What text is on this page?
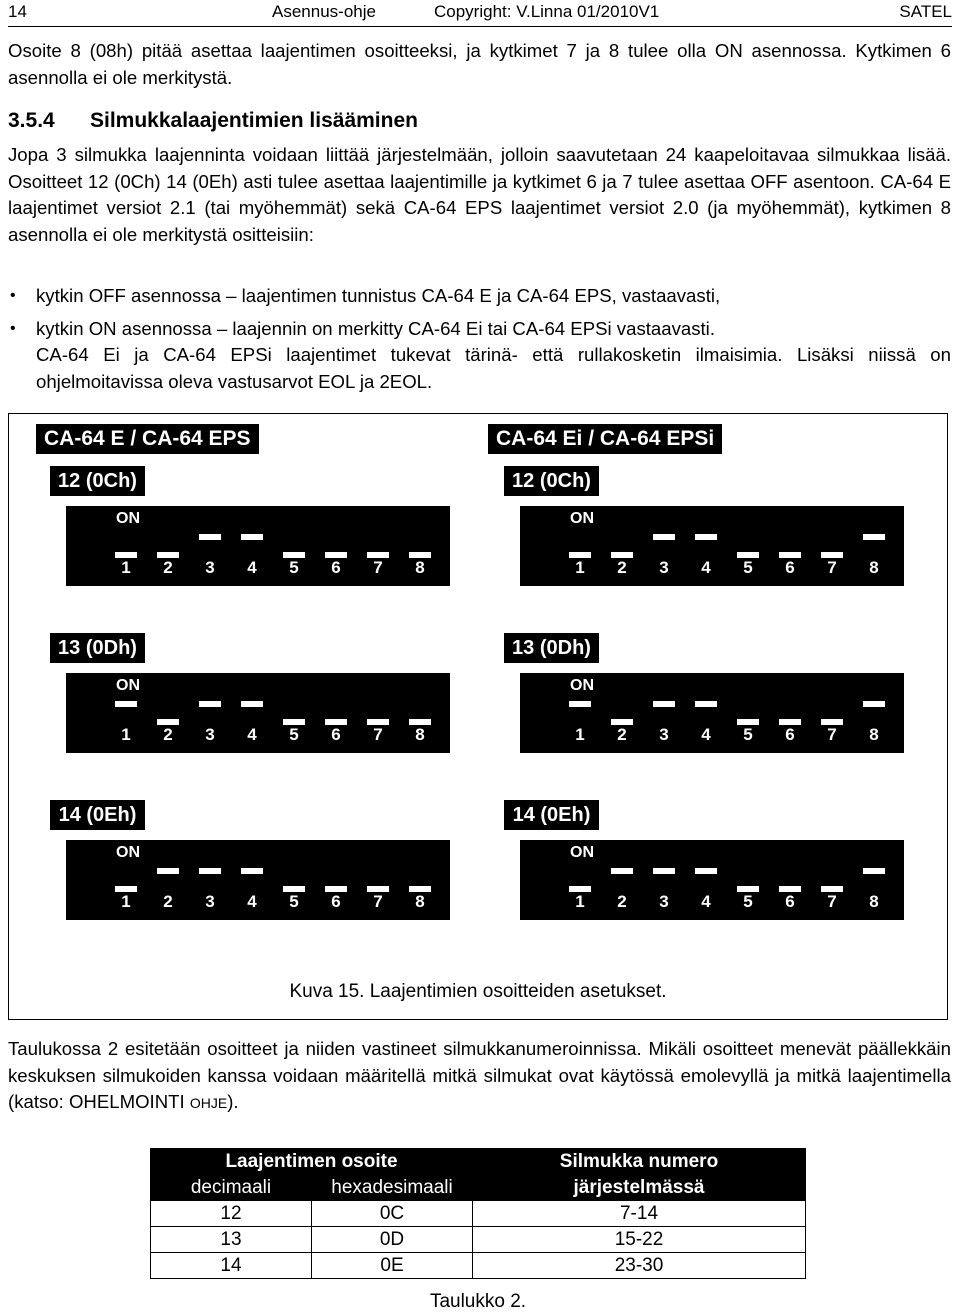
14	Asennus-ohje	Copyright: V.Linna 01/2010V1	SATEL
Osoite 8 (08h) pitää asettaa laajentimen osoitteeksi, ja kytkimet 7 ja 8 tulee olla ON asennossa. Kytkimen 6 asennolla ei ole merkitystä.
3.5.4 Silmukkalaajentimien lisääminen
Jopa 3 silmukka laajenninta voidaan liittää järjestelmään, jolloin saavutetaan 24 kaapeloitavaa silmukkaa lisää. Osoitteet 12 (0Ch) 14 (0Eh) asti tulee asettaa laajentimille ja kytkimet 6 ja 7 tulee asettaa OFF asentoon. CA-64 E laajentimet versiot 2.1 (tai myöhemmät) sekä CA-64 EPS laajentimet versiot 2.0 (ja myöhemmät), kytkimen 8 asennolla ei ole merkitystä ositteisiin:
• kytkin OFF asennossa – laajentimen tunnistus CA-64 E ja CA-64 EPS, vastaavasti,
• kytkin ON asennossa – laajennin on merkitty CA-64 Ei tai CA-64 EPSi vastaavasti.
CA-64 Ei ja CA-64 EPSi laajentimet tukevat tärinä- että rullakosketin ilmaisimia. Lisäksi niissä on ohjelmoitavissa oleva vastusarvot EOL ja 2EOL.
CA-64 E / CA-64 EPS	CA-64 Ei / CA-64 EPSi
12 (0Ch)
ON
1	2	3	4	5	6	7	8
13 (0Dh)
ON
1	2	3	4	5	6	7	8
14 (0Eh)
ON
1	2	3	4	5	6	7	8
12 (0Ch)
ON
1	2	3	4	5	6	7	8
13 (0Dh)
ON
1	2	3	4	5	6	7	8
14 (0Eh)
ON
1	2	3	4	5	6	7	8
Kuva 15. Laajentimien osoitteiden asetukset.
Taulukossa 2 esitetään osoitteet ja niiden vastineet silmukkanumeroinnissa. Mikäli osoitteet menevät päällekkäin keskuksen silmukoiden kanssa voidaan määritellä mitkä silmukat ovat käytössä emolevyllä ja mitkä laajentimella (katso: OHELMOINTI OHJE).
Laajentimen osoite		Silmukka numero
decimaali	hexadesimaali	järjestelmässä
12	0C	7-14
13	0D	15-22
14	0E	23-30
Taulukko 2.
